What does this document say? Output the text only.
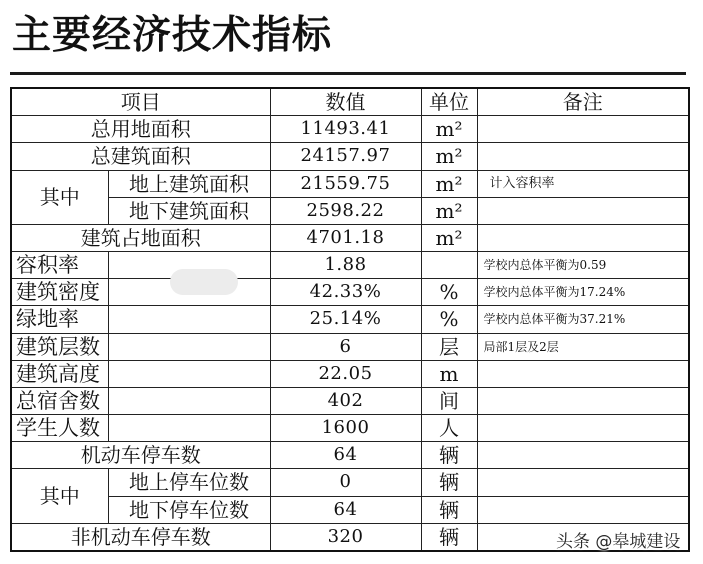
主要经济技术指标
项目		数值	单位	备注
总用地面积		11493.41	m²	
总建筑面积		24157.97	m²	
其中	地上建筑面积	21559.75	m²	计入容积率
	地下建筑面积	2598.22	m²	
建筑占地面积		4701.18	m²	
容积率		1.88		学校内总体平衡为0.59
建筑密度		42.33%	%	学校内总体平衡为17.24%
绿地率		25.14%	%	学校内总体平衡为37.21%
建筑层数		6	层	局部1层及2层
建筑高度		22.05	m	
总宿舍数		402	间	
学生人数		1600	人	
机动车停车数		64	辆	
其中	地上停车位数	0	辆	
	地下停车位数	64	辆	
非机动车停车数		320	辆		头条 @皋城建设
